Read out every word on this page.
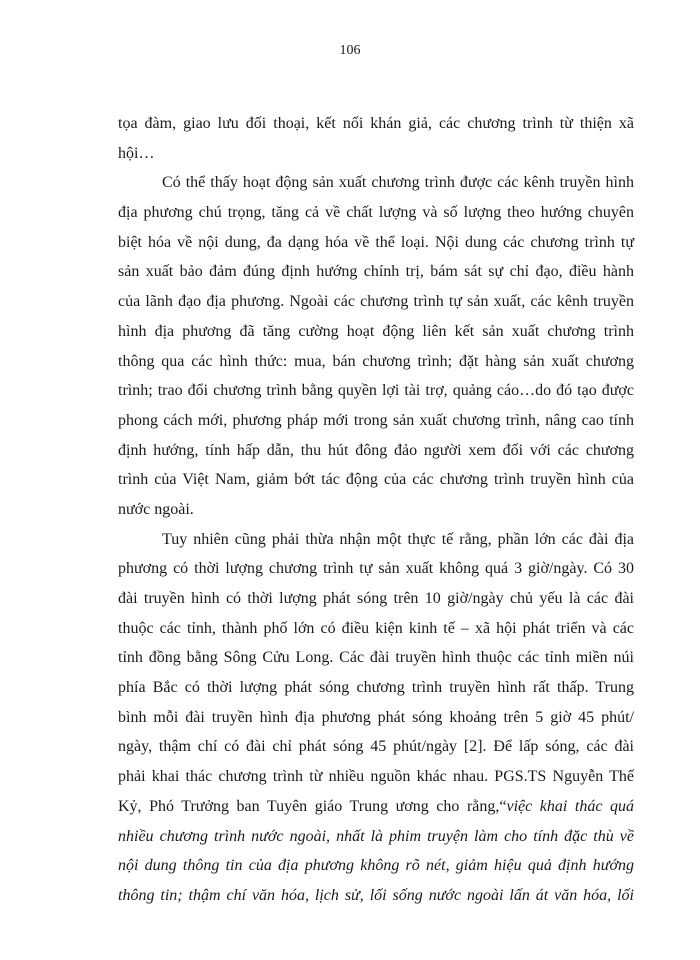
106
tọa đàm, giao lưu đối thoại, kết nối khán giả, các chương trình từ thiện xã
hội…
Có thể thấy hoạt động sản xuất chương trình được các kênh truyền hình
địa phương chú trọng, tăng cả về chất lượng và số lượng theo hướng chuyên
biệt hóa về nội dung, đa dạng hóa về thể loại. Nội dung các chương trình tự
sản xuất bảo đảm đúng định hướng chính trị, bám sát sự chỉ đạo, điều hành
của lãnh đạo địa phương. Ngoài các chương trình tự sản xuất, các kênh truyền
hình địa phương đã tăng cường hoạt động liên kết sản xuất chương trình
thông qua các hình thức: mua, bán chương trình; đặt hàng sản xuất chương
trình; trao đổi chương trình bằng quyền lợi tài trợ, quảng cáo…do đó tạo được
phong cách mới, phương pháp mới trong sản xuất chương trình, nâng cao tính
định hướng, tính hấp dẫn, thu hút đông đảo người xem đối với các chương
trình của Việt Nam, giảm bớt tác động của các chương trình truyền hình của
nước ngoài.
Tuy nhiên cũng phải thừa nhận một thực tế rằng, phần lớn các đài địa
phương có thời lượng chương trình tự sản xuất không quá 3 giờ/ngày. Có 30
đài truyền hình có thời lượng phát sóng trên 10 giờ/ngày chủ yếu là các đài
thuộc các tỉnh, thành phố lớn có điều kiện kinh tế – xã hội phát triển và các
tỉnh đồng bằng Sông Cửu Long. Các đài truyền hình thuộc các tỉnh miền núi
phía Bắc có thời lượng phát sóng chương trình truyền hình rất thấp. Trung
bình mỗi đài truyền hình địa phương phát sóng khoảng trên 5 giờ 45 phút/
ngày, thậm chí có đài chỉ phát sóng 45 phút/ngày [2]. Để lấp sóng, các đài
phải khai thác chương trình từ nhiều nguồn khác nhau. PGS.TS Nguyễn Thế
Kỷ, Phó Trưởng ban Tuyên giáo Trung ương cho rằng,“việc khai thác quá
nhiều chương trình nước ngoài, nhất là phim truyện làm cho tính đặc thù về
nội dung thông tin của địa phương không rõ nét, giảm hiệu quả định hướng
thông tin; thậm chí văn hóa, lịch sử, lối sống nước ngoài lấn át văn hóa, lối
